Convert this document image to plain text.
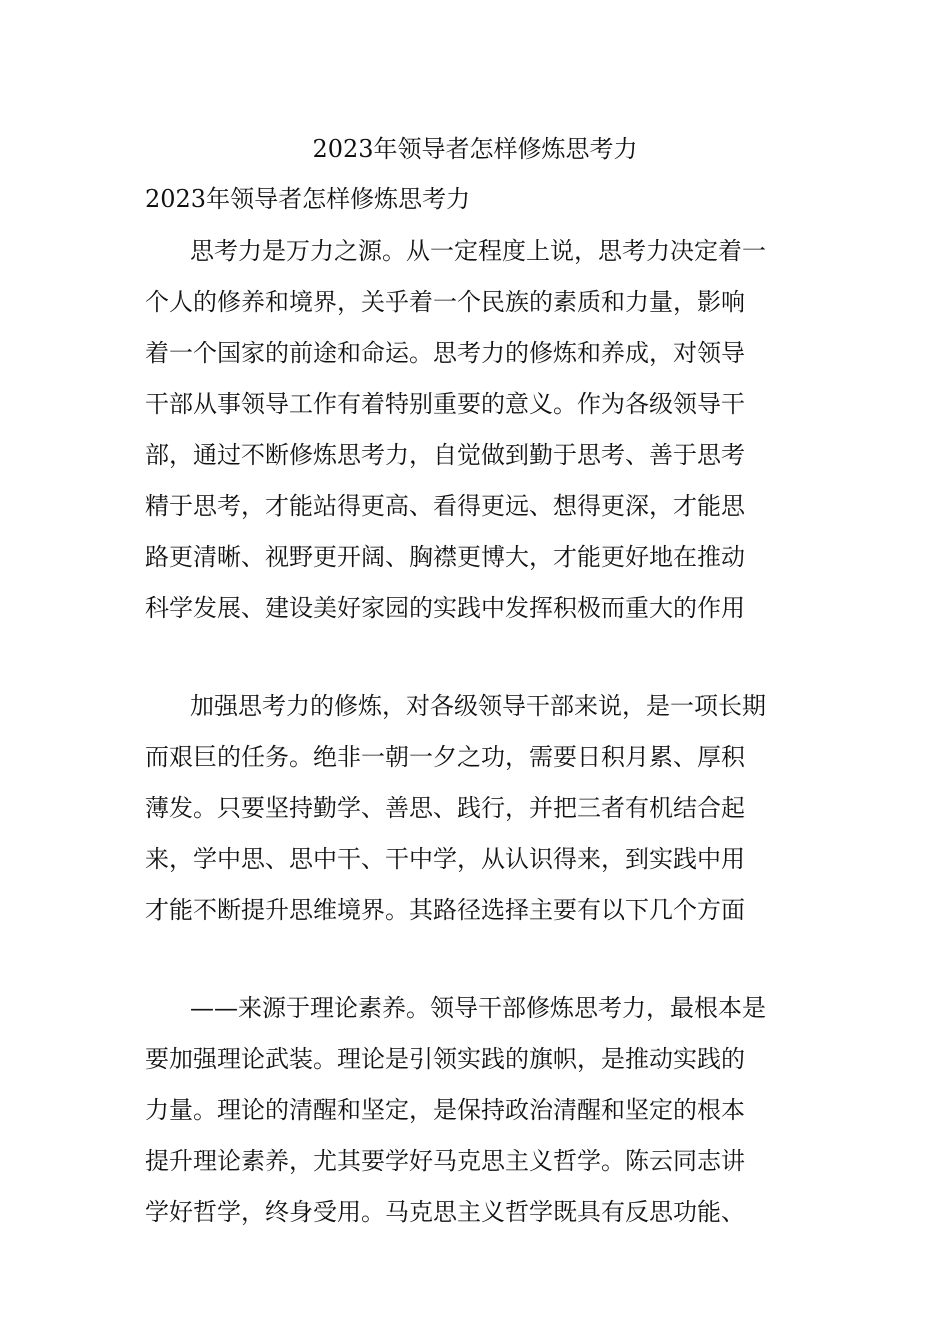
2023年领导者怎样修炼思考力
2023年领导者怎样修炼思考力
思考力是万力之源。从一定程度上说，思考力决定着一
个人的修养和境界，关乎着一个民族的素质和力量，影响
着一个国家的前途和命运。思考力的修炼和养成，对领导
干部从事领导工作有着特别重要的意义。作为各级领导干
部，通过不断修炼思考力，自觉做到勤于思考、善于思考
精于思考，才能站得更高、看得更远、想得更深，才能思
路更清晰、视野更开阔、胸襟更博大，才能更好地在推动
科学发展、建设美好家园的实践中发挥积极而重大的作用
加强思考力的修炼，对各级领导干部来说，是一项长期
而艰巨的任务。绝非一朝一夕之功，需要日积月累、厚积
薄发。只要坚持勤学、善思、践行，并把三者有机结合起
来，学中思、思中干、干中学，从认识得来，到实践中用
才能不断提升思维境界。其路径选择主要有以下几个方面
——来源于理论素养。领导干部修炼思考力，最根本是
要加强理论武装。理论是引领实践的旗帜，是推动实践的
力量。理论的清醒和坚定，是保持政治清醒和坚定的根本
提升理论素养，尤其要学好马克思主义哲学。陈云同志讲
学好哲学，终身受用。马克思主义哲学既具有反思功能、
